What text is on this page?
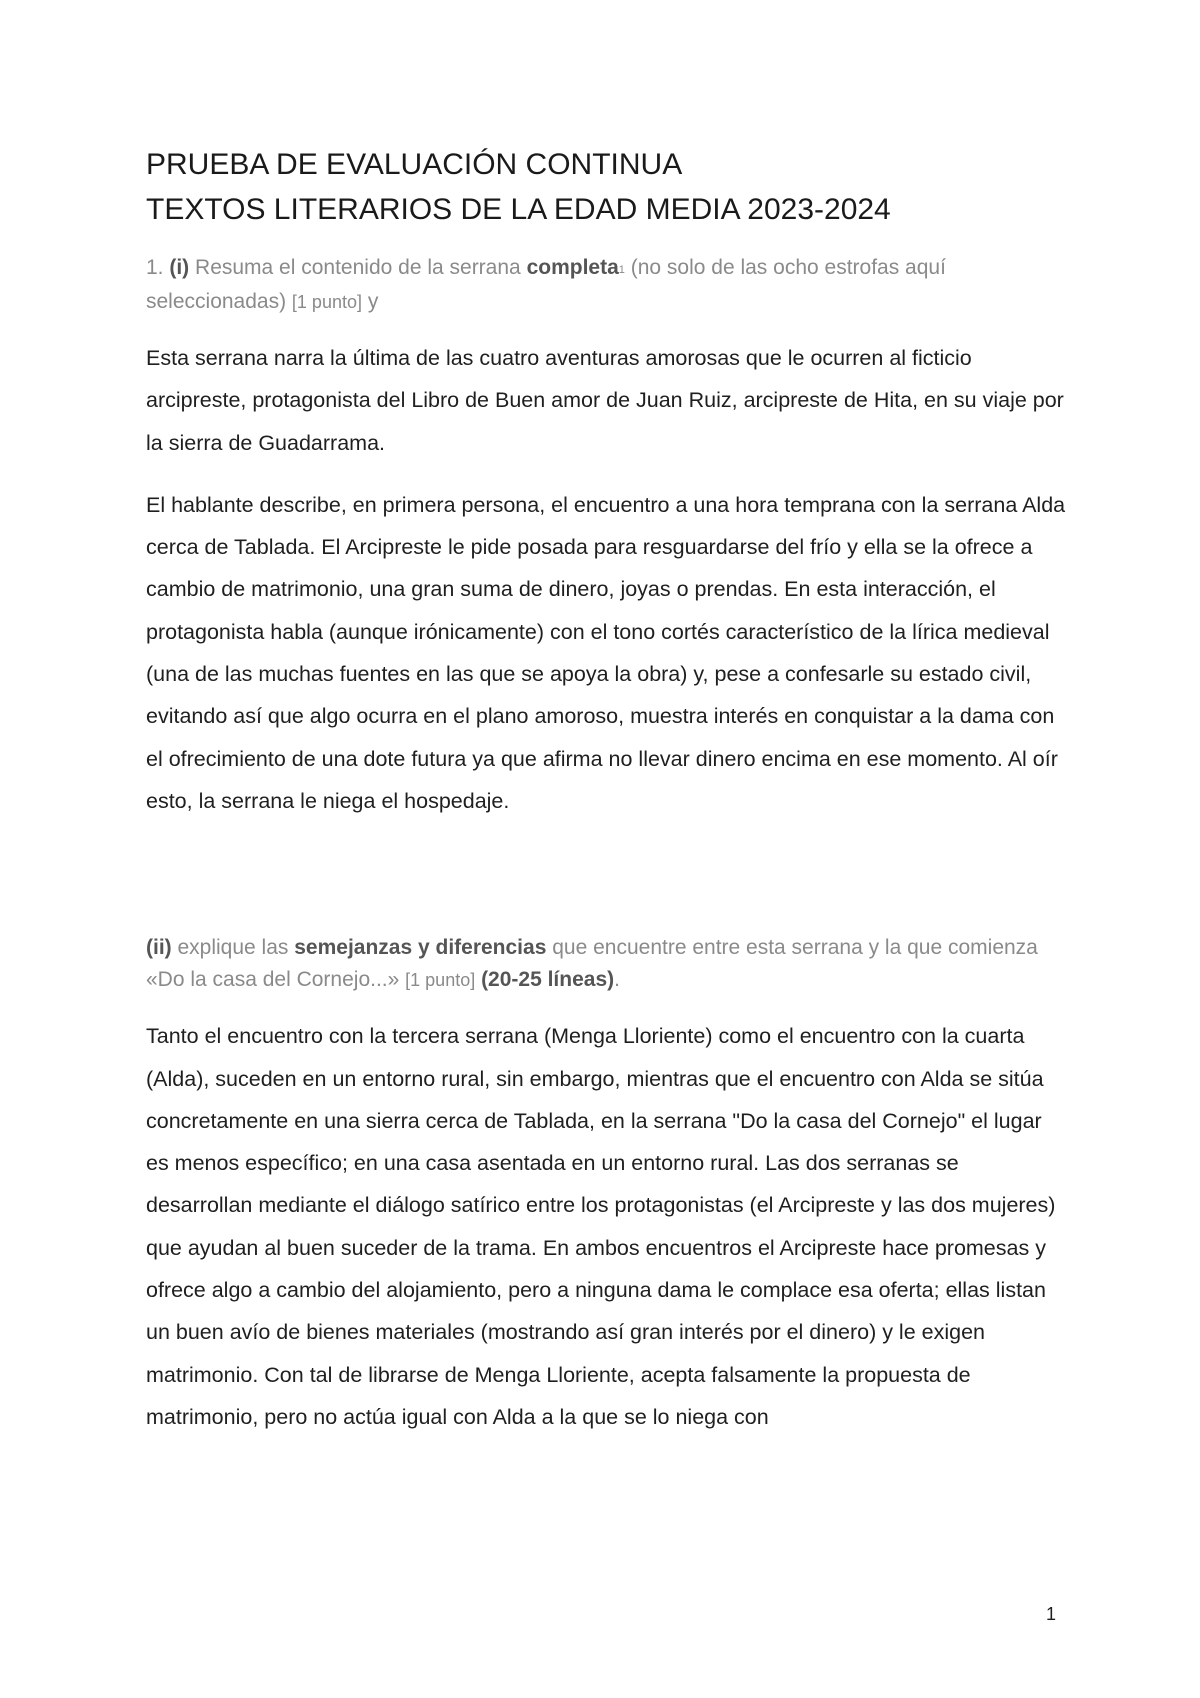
PRUEBA DE EVALUACIÓN CONTINUA
TEXTOS LITERARIOS DE LA EDAD MEDIA 2023-2024
1. (i) Resuma el contenido de la serrana completa$^1$ (no solo de las ocho estrofas aquí seleccionadas) [1 punto] y
Esta serrana narra la última de las cuatro aventuras amorosas que le ocurren al ficticio arcipreste, protagonista del Libro de Buen amor de Juan Ruiz, arcipreste de Hita, en su viaje por la sierra de Guadarrama.
El hablante describe, en primera persona, el encuentro a una hora temprana con la serrana Alda cerca de Tablada. El Arcipreste le pide posada para resguardarse del frío y ella se la ofrece a cambio de matrimonio, una gran suma de dinero, joyas o prendas. En esta interacción, el protagonista habla (aunque irónicamente) con el tono cortés característico de la lírica medieval (una de las muchas fuentes en las que se apoya la obra) y, pese a confesarle su estado civil, evitando así que algo ocurra en el plano amoroso, muestra interés en conquistar a la dama con el ofrecimiento de una dote futura ya que afirma no llevar dinero encima en ese momento. Al oír esto, la serrana le niega el hospedaje.
(ii) explique las semejanzas y diferencias que encuentre entre esta serrana y la que comienza «Do la casa del Cornejo...» [1 punto] (20-25 líneas).
Tanto el encuentro con la tercera serrana (Menga Lloriente) como el encuentro con la cuarta (Alda), suceden en un entorno rural, sin embargo, mientras que el encuentro con Alda se sitúa concretamente en una sierra cerca de Tablada, en la serrana "Do la casa del Cornejo" el lugar es menos específico; en una casa asentada en un entorno rural. Las dos serranas se desarrollan mediante el diálogo satírico entre los protagonistas (el Arcipreste y las dos mujeres) que ayudan al buen suceder de la trama. En ambos encuentros el Arcipreste hace promesas y ofrece algo a cambio del alojamiento, pero a ninguna dama le complace esa oferta; ellas listan un buen avío de bienes materiales (mostrando así gran interés por el dinero) y le exigen matrimonio. Con tal de librarse de Menga Lloriente, acepta falsamente la propuesta de matrimonio, pero no actúa igual con Alda a la que se lo niega con
1
